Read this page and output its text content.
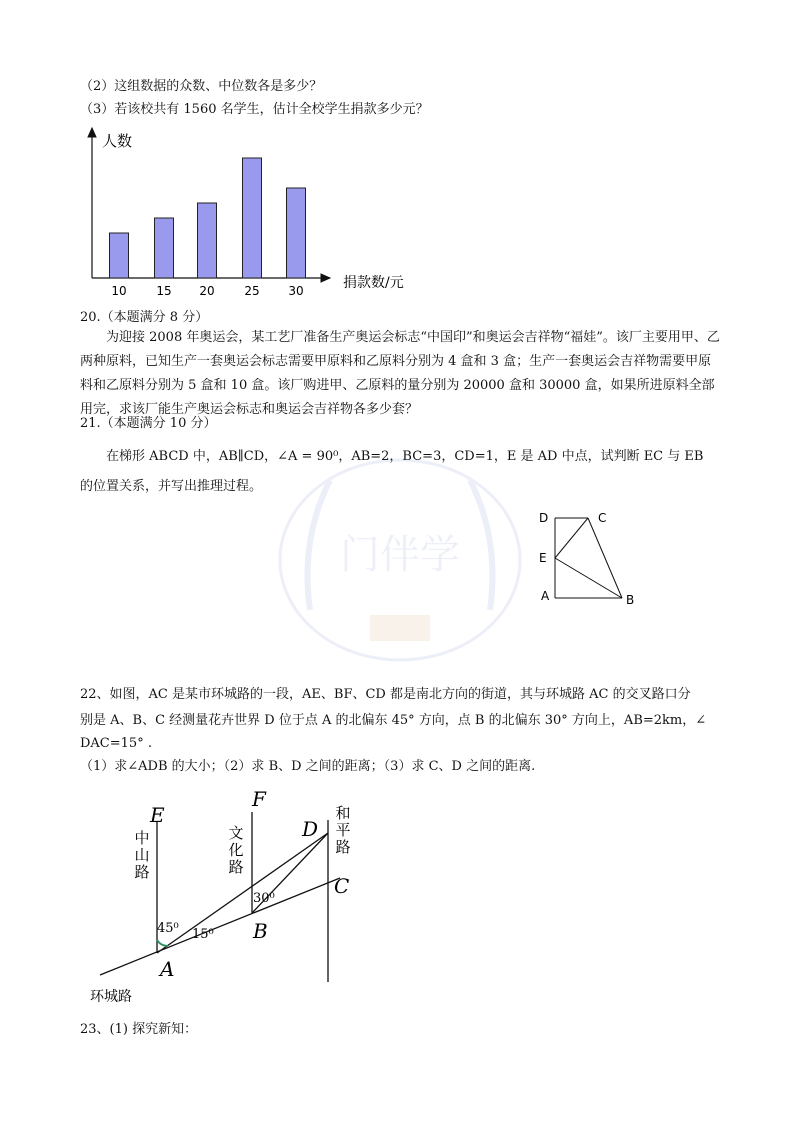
（2）这组数据的众数、中位数各是多少？
（3）若该校共有 1560 名学生，估计全校学生捐款多少元？
人数
捐款数/元
10 15 20 25 30
20.（本题满分 8 分）
为迎接 2008 年奥运会，某工艺厂准备生产奥运会标志“中国印”和奥运会吉祥物“福娃”。该厂主要用甲、乙两种原料，已知生产一套奥运会标志需要甲原料和乙原料分别为 4 盒和 3 盒；生产一套奥运会吉祥物需要甲原料和乙原料分别为 5 盒和 10 盒。该厂购进甲、乙原料的量分别为 20000 盒和 30000 盒，如果所进原料全部用完，求该厂能生产奥运会标志和奥运会吉祥物各多少套？
21.（本题满分 10 分）
在梯形 ABCD 中，AB∥CD，∠A = 90⁰，AB=2，BC=3，CD=1，E 是 AD 中点，试判断 EC 与 EB 的位置关系，并写出推理过程。
门伴学
D	C
E
A	B
22、如图，AC 是某市环城路的一段，AE、BF、CD 都是南北方向的街道，其与环城路 AC 的交叉路口分
别是 A、B、C 经测量花卉世界 D 位于点 A 的北偏东 45° 方向，点 B 的北偏东 30° 方向上，AB=2km，∠
DAC=15° .
（1）求∠ADB 的大小；（2）求 B、D 之间的距离；（3）求 C、D 之间的距离.
E
F
D
C
B
A
45⁰ 15⁰
30⁰
环城路
中
山
路
文
化
路
和
平
路
23、(1) 探究新知：
